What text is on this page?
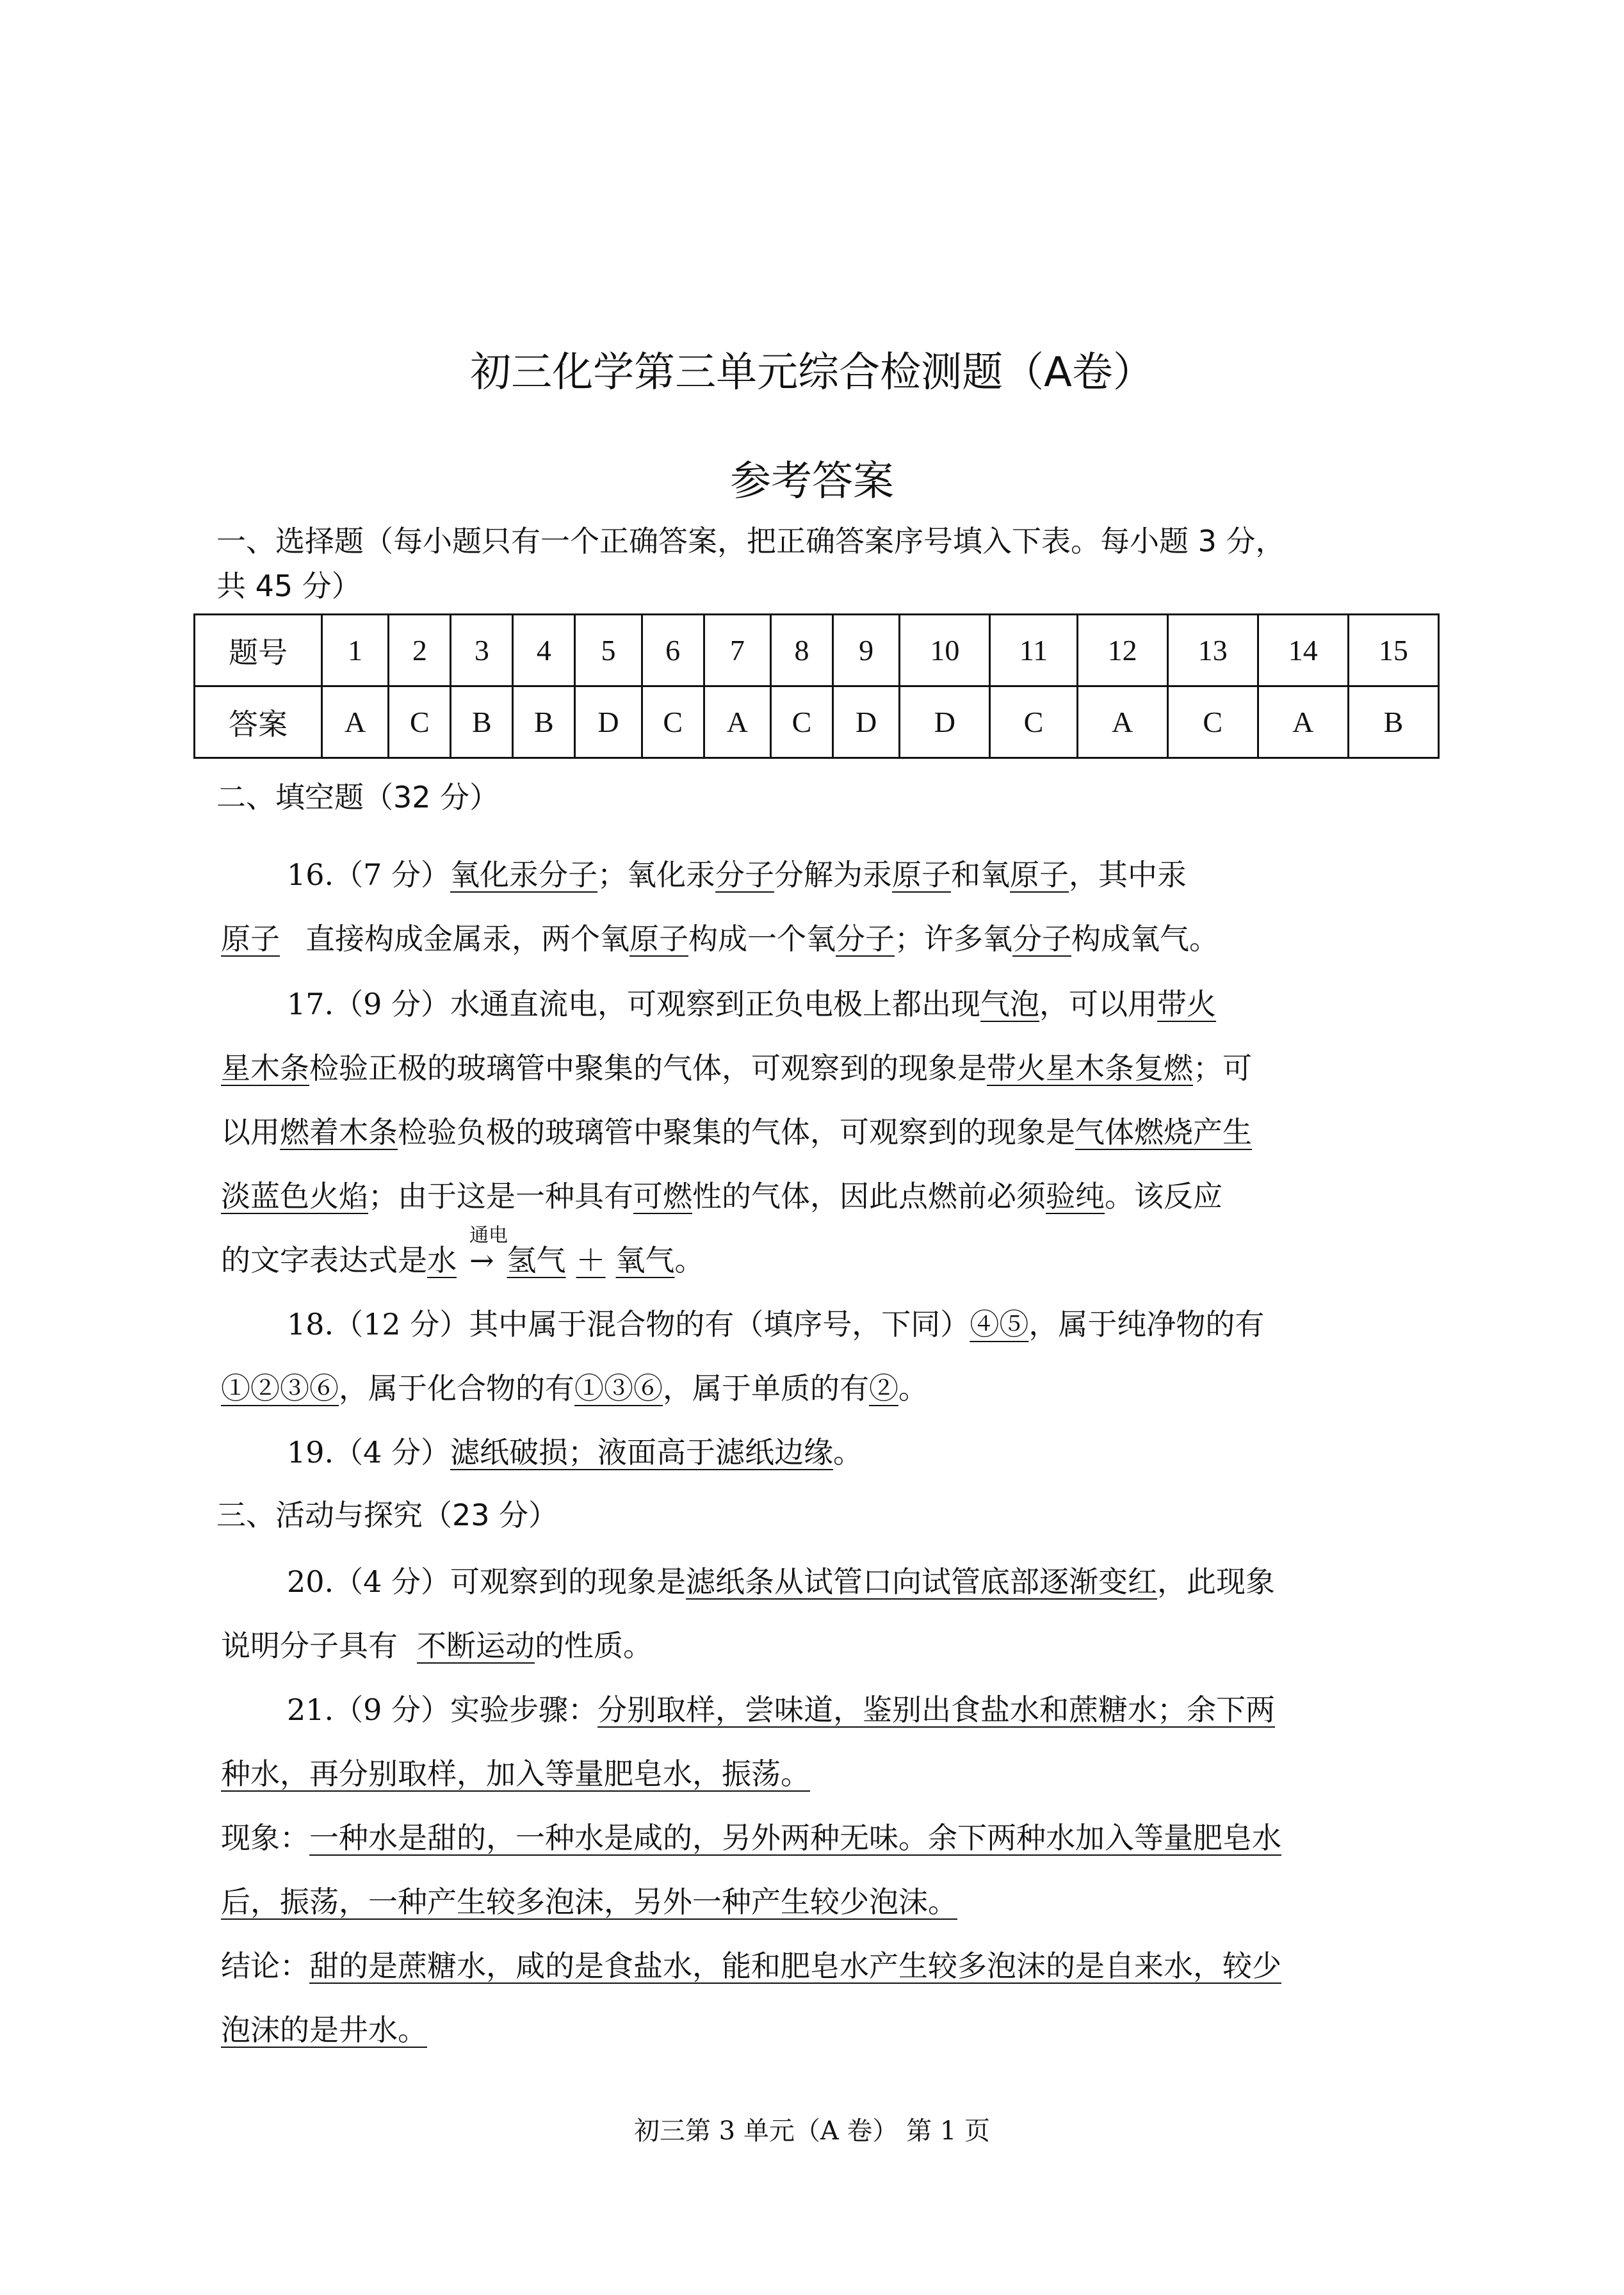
初三化学第三单元综合检测题（A卷）
参考答案
一、选择题（每小题只有一个正确答案，把正确答案序号填入下表。每小题 3 分，
共 45 分）
题号	1	2	3	4	5	6	7	8	9	10	11	12	13	14	15
答案	A	C	B	B	D	C	A	C	D	D	C	A	C	A	B
二、填空题（32 分）
16.（7 分）氧化汞分子；氧化汞分子分解为汞原子和氧原子，其中汞
原子 直接构成金属汞，两个氧原子构成一个氧分子；许多氧分子构成氧气。
17.（9 分）水通直流电，可观察到正负电极上都出现气泡，可以用带火
星木条检验正极的玻璃管中聚集的气体，可观察到的现象是带火星木条复燃；可
以用燃着木条检验负极的玻璃管中聚集的气体，可观察到的现象是气体燃烧产生
淡蓝色火焰；由于这是一种具有可燃性的气体，因此点燃前必须验纯。该反应
的文字表达式是水
通电
→ 氢气 ＋ 氧气。
18.（12 分）其中属于混合物的有（填序号，下同）④⑤，属于纯净物的有
①②③⑥，属于化合物的有①③⑥，属于单质的有②。
19.（4 分）滤纸破损；液面高于滤纸边缘。
三、活动与探究（23 分）
20.（4 分）可观察到的现象是滤纸条从试管口向试管底部逐渐变红，此现象
说明分子具有 不断运动的性质。
21.（9 分）实验步骤：分别取样，尝味道，鉴别出食盐水和蔗糖水；余下两
种水，再分别取样，加入等量肥皂水，振荡。
现象：一种水是甜的，一种水是咸的，另外两种无味。余下两种水加入等量肥皂水
后，振荡，一种产生较多泡沫，另外一种产生较少泡沫。
结论：甜的是蔗糖水，咸的是食盐水，能和肥皂水产生较多泡沫的是自来水，较少
泡沫的是井水。
初三第 3 单元（A 卷） 第 1 页
